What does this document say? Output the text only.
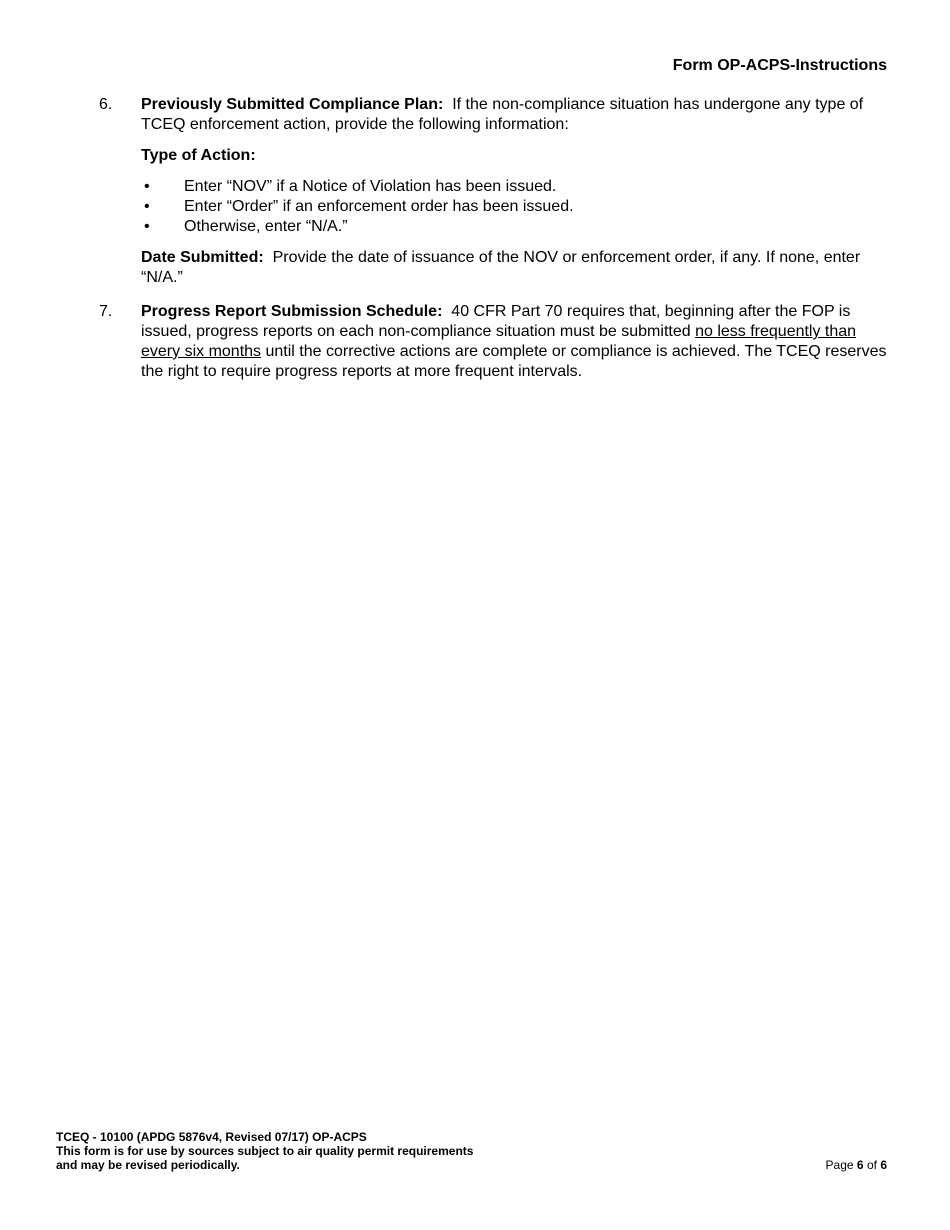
Form OP-ACPS-Instructions
6. Previously Submitted Compliance Plan: If the non-compliance situation has undergone any type of TCEQ enforcement action, provide the following information:
Type of Action:
• Enter “NOV” if a Notice of Violation has been issued.
• Enter “Order” if an enforcement order has been issued.
• Otherwise, enter “N/A.”
Date Submitted: Provide the date of issuance of the NOV or enforcement order, if any. If none, enter “N/A.”
7. Progress Report Submission Schedule: 40 CFR Part 70 requires that, beginning after the FOP is issued, progress reports on each non-compliance situation must be submitted no less frequently than every six months until the corrective actions are complete or compliance is achieved. The TCEQ reserves the right to require progress reports at more frequent intervals.
TCEQ - 10100 (APDG 5876v4, Revised 07/17) OP-ACPS
This form is for use by sources subject to air quality permit requirements
and may be revised periodically.	Page 6 of 6
